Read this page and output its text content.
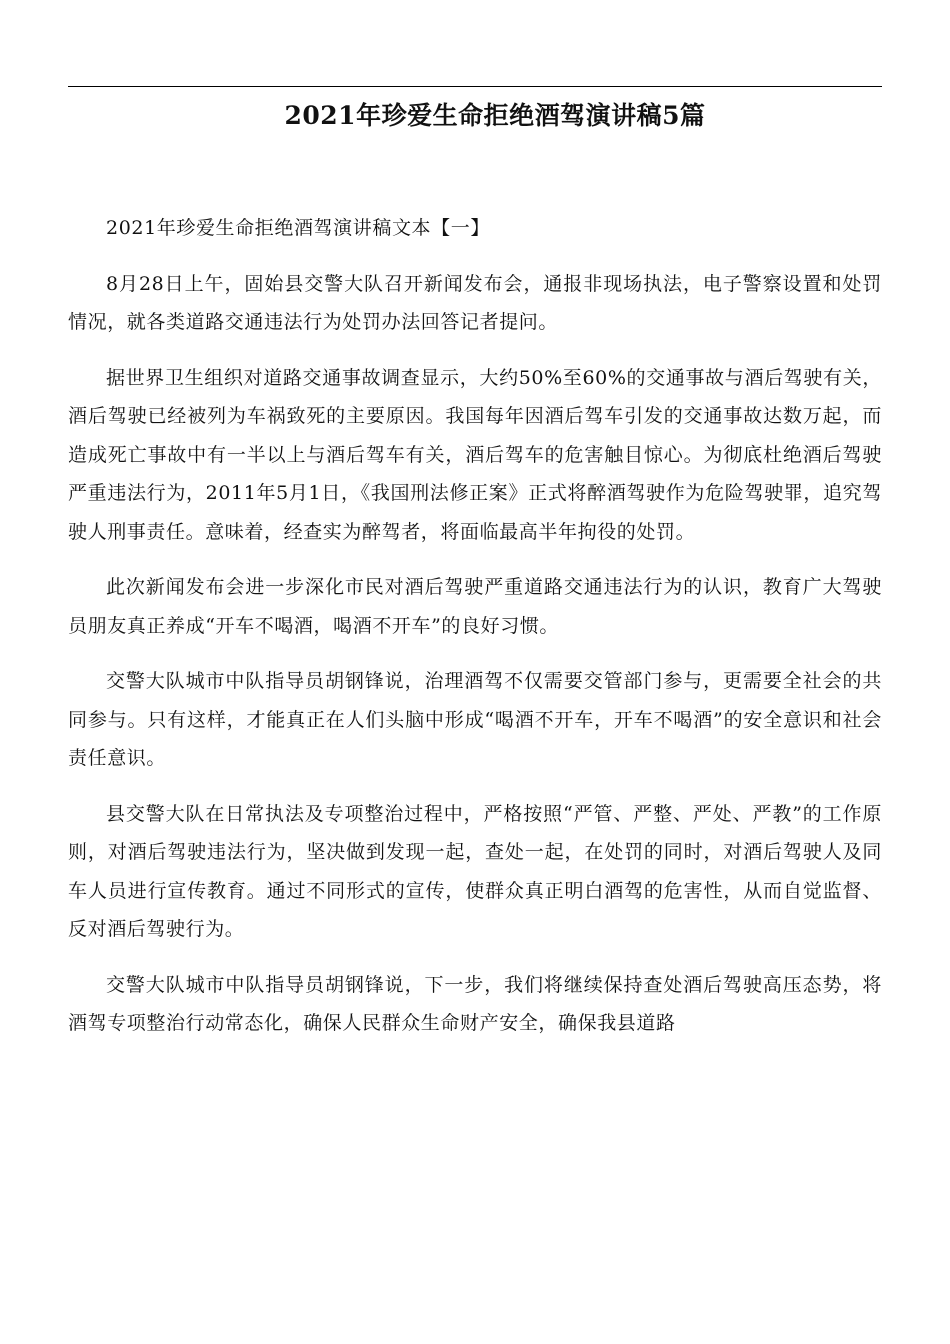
2021年珍爱生命拒绝酒驾演讲稿5篇

2021年珍爱生命拒绝酒驾演讲稿文本【一】

8月28日上午，固始县交警大队召开新闻发布会，通报非现场执法，电子警察设置和处罚情况，就各类道路交通违法行为处罚办法回答记者提问。

据世界卫生组织对道路交通事故调查显示，大约50%至60%的交通事故与酒后驾驶有关，酒后驾驶已经被列为车祸致死的主要原因。我国每年因酒后驾车引发的交通事故达数万起，而造成死亡事故中有一半以上与酒后驾车有关，酒后驾车的危害触目惊心。为彻底杜绝酒后驾驶严重违法行为，2011年5月1日，《我国刑法修正案》正式将醉酒驾驶作为危险驾驶罪，追究驾驶人刑事责任。意味着，经查实为醉驾者，将面临最高半年拘役的处罚。

此次新闻发布会进一步深化市民对酒后驾驶严重道路交通违法行为的认识，教育广大驾驶员朋友真正养成“开车不喝酒，喝酒不开车”的良好习惯。

交警大队城市中队指导员胡钢锋说，治理酒驾不仅需要交管部门参与，更需要全社会的共同参与。只有这样，才能真正在人们头脑中形成“喝酒不开车，开车不喝酒”的安全意识和社会责任意识。

县交警大队在日常执法及专项整治过程中，严格按照“严管、严整、严处、严教”的工作原则，对酒后驾驶违法行为，坚决做到发现一起，查处一起，在处罚的同时，对酒后驾驶人及同车人员进行宣传教育。通过不同形式的宣传，使群众真正明白酒驾的危害性，从而自觉监督、反对酒后驾驶行为。

交警大队城市中队指导员胡钢锋说，下一步，我们将继续保持查处酒后驾驶高压态势，将酒驾专项整治行动常态化，确保人民群众生命财产安全，确保我县道路
